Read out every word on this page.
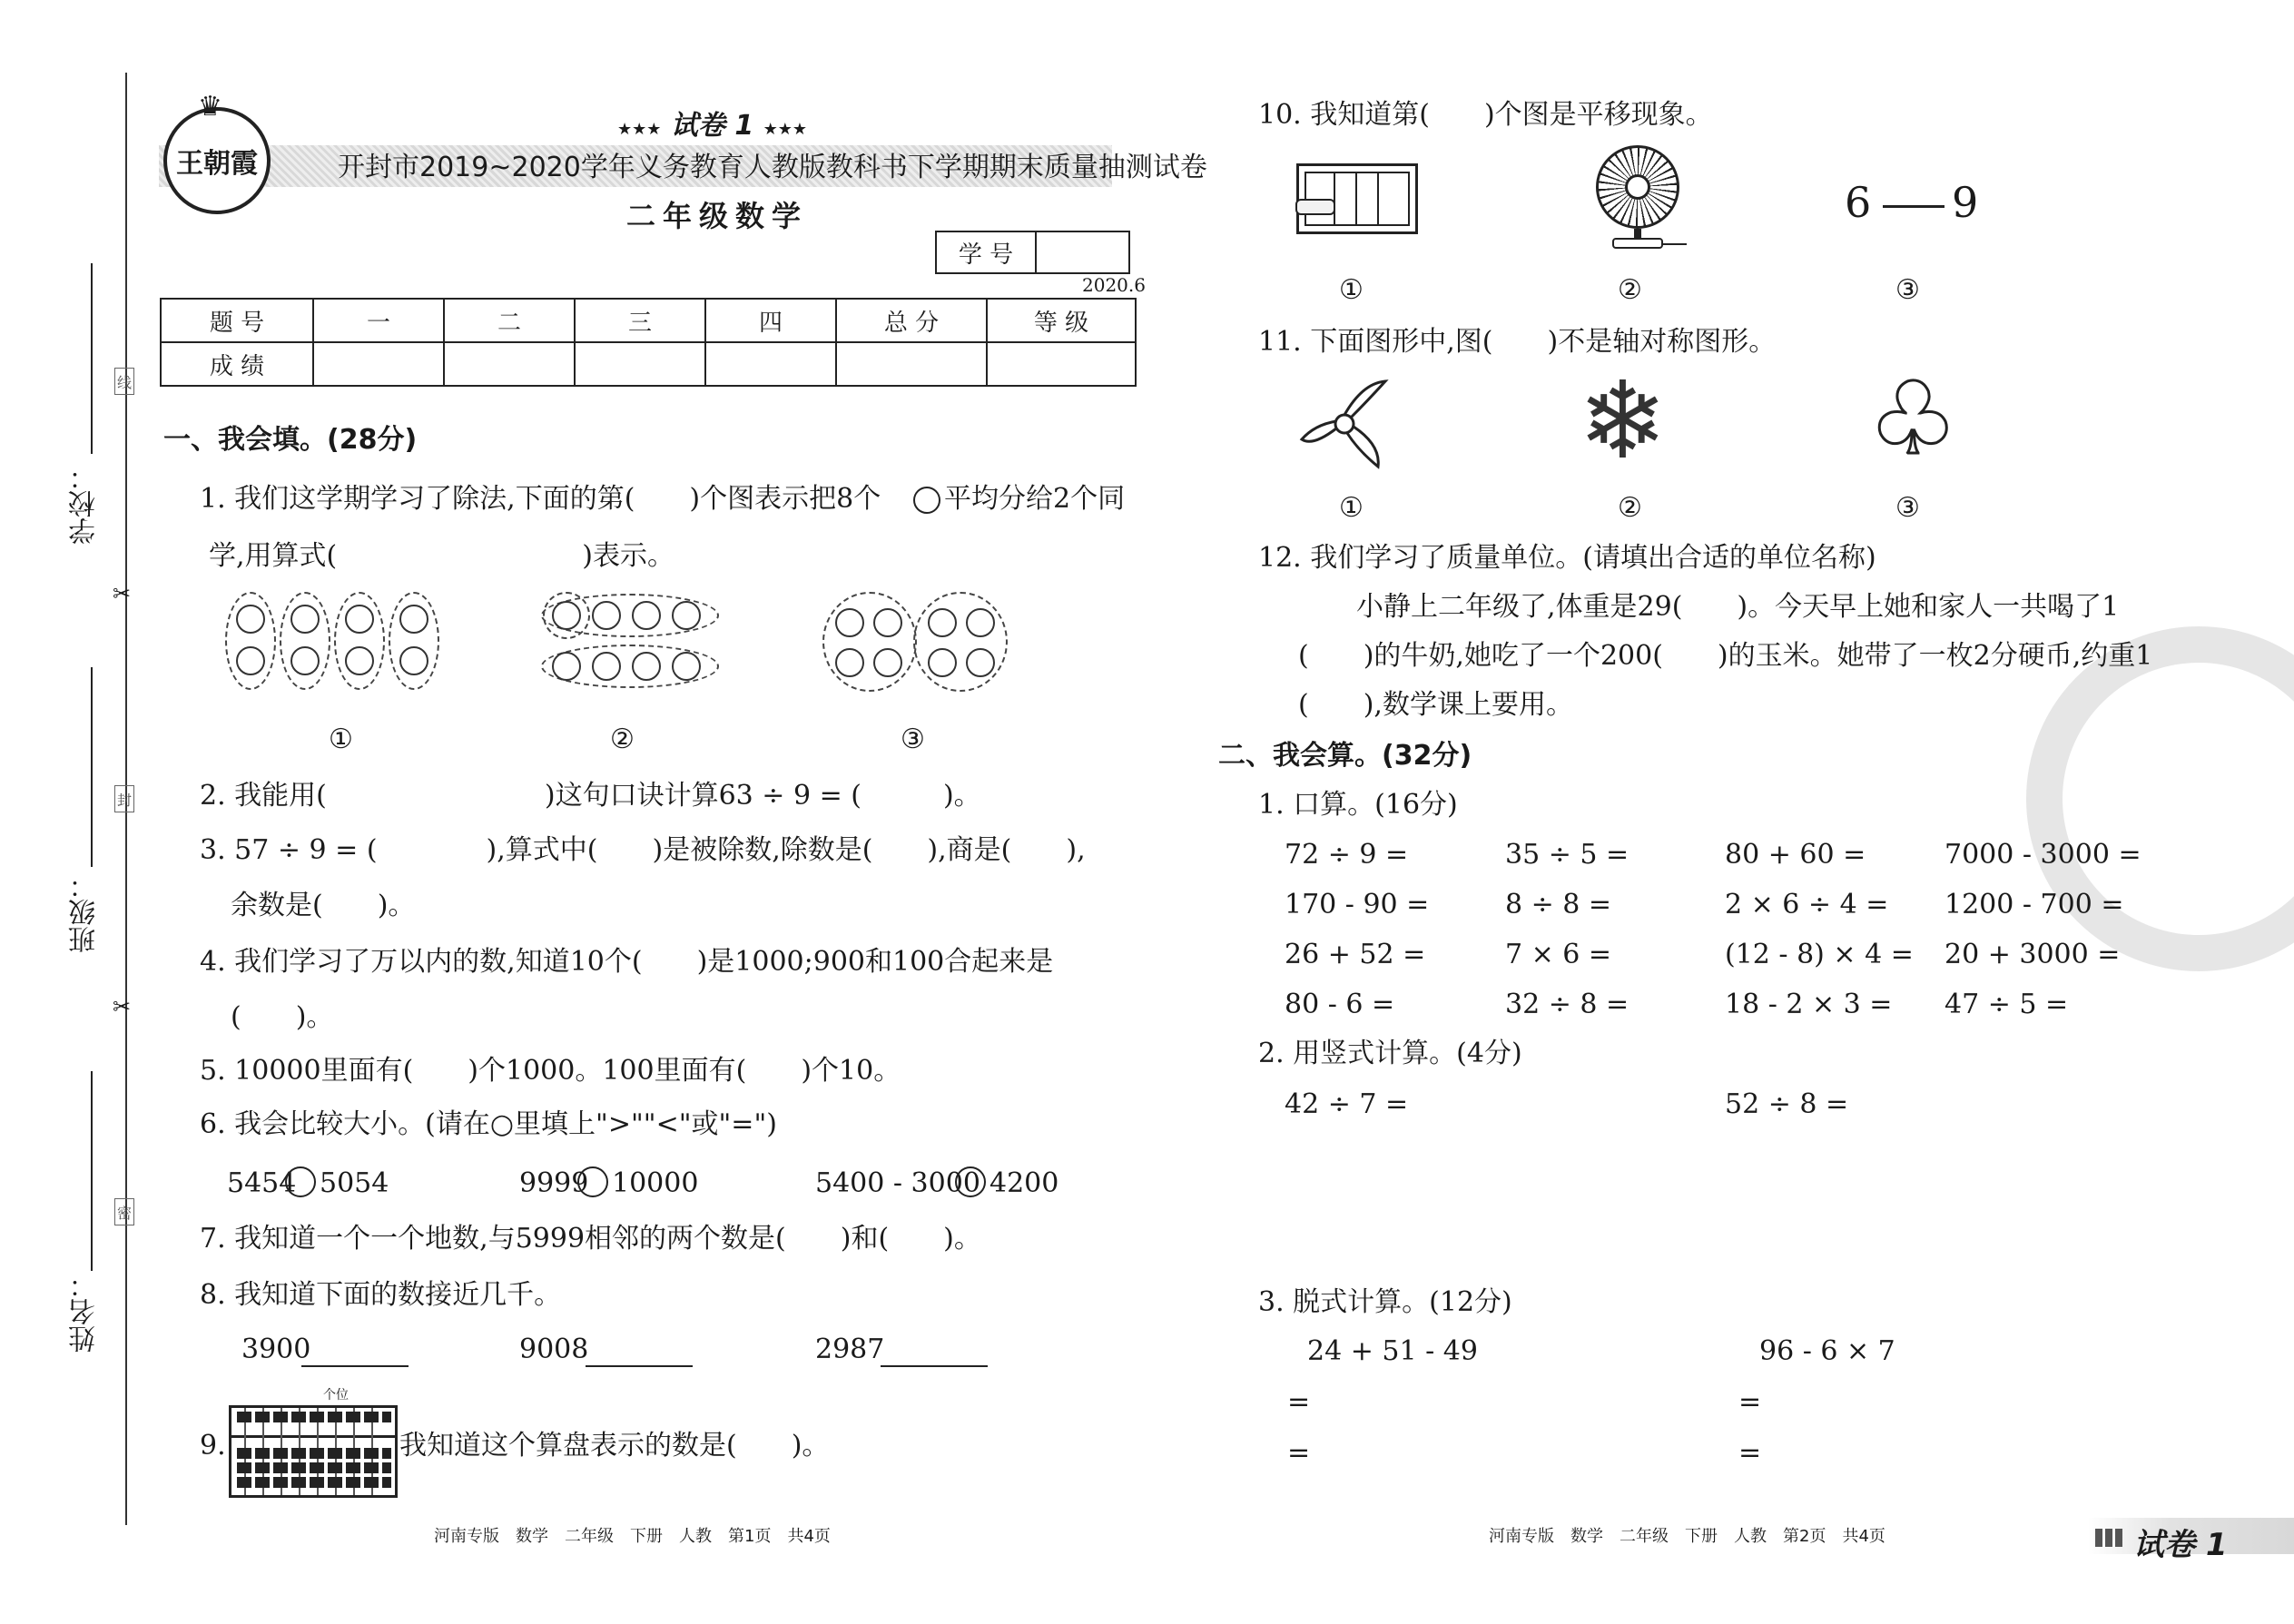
学校：
班级：
姓名：
线
封
密
✂
✂
♛
王朝霞
★★★ 试卷 1 ★★★
开封市2019~2020学年义务教育人教版教科书下学期期末质量抽测试卷
二年级数学
学 号
2020.6
题 号	一	二	三	四	总 分	等 级
成 绩						
一、我会填。(28分)
1. 我们这学期学习了除法,下面的第(　　)个图表示把8个 平均分给2个同
学,用算式(　　　　　　　　　)表示。
①	②	③
2. 我能用(　　　　　　　　)这句口诀计算63 ÷ 9 = (　　　)。
3. 57 ÷ 9 = (　　　　),算式中(　　)是被除数,除数是(　　),商是(　　),
余数是(　　)。
4. 我们学习了万以内的数,知道10个(　　)是1000;900和100合起来是
(　　)。
5. 10000里面有(　　)个1000。100里面有(　　)个10。
6. 我会比较大小。(请在○里填上">""<"或"=")
5454 5054	9999 10000	5400 - 3000 4200
7. 我知道一个一个地数,与5999相邻的两个数是(　　)和(　　)。
8. 我知道下面的数接近几千。
3900	9008	2987
9.
个位
我知道这个算盘表示的数是(　　)。
10. 我知道第(　　)个图是平移现象。
6 9
①	②	③
11. 下面图形中,图(　　)不是轴对称图形。
❄ ♣
①	②	③
12. 我们学习了质量单位。(请填出合适的单位名称)
小静上二年级了,体重是29(　　)。今天早上她和家人一共喝了1
(　　)的牛奶,她吃了一个200(　　)的玉米。她带了一枚2分硬币,约重1
(　　),数学课上要用。
二、我会算。(32分)
1. 口算。(16分)
72 ÷ 9 =	35 ÷ 5 =	80 + 60 =	7000 - 3000 =
170 - 90 =	8 ÷ 8 =	2 × 6 ÷ 4 = 1200 - 700 =
26 + 52 =	7 × 6 =	(12 - 8) × 4 = 20 + 3000 =
80 - 6 =	32 ÷ 8 =	18 - 2 × 3 = 47 ÷ 5 =
2. 用竖式计算。(4分)
42 ÷ 7 =	52 ÷ 8 =
3. 脱式计算。(12分)
24 + 51 - 49	96 - 6 × 7
=
=
=
=
河南专版　数学　二年级　下册　人教　第1页　共4页	河南专版　数学　二年级　下册　人教　第2页　共4页	试卷 1
